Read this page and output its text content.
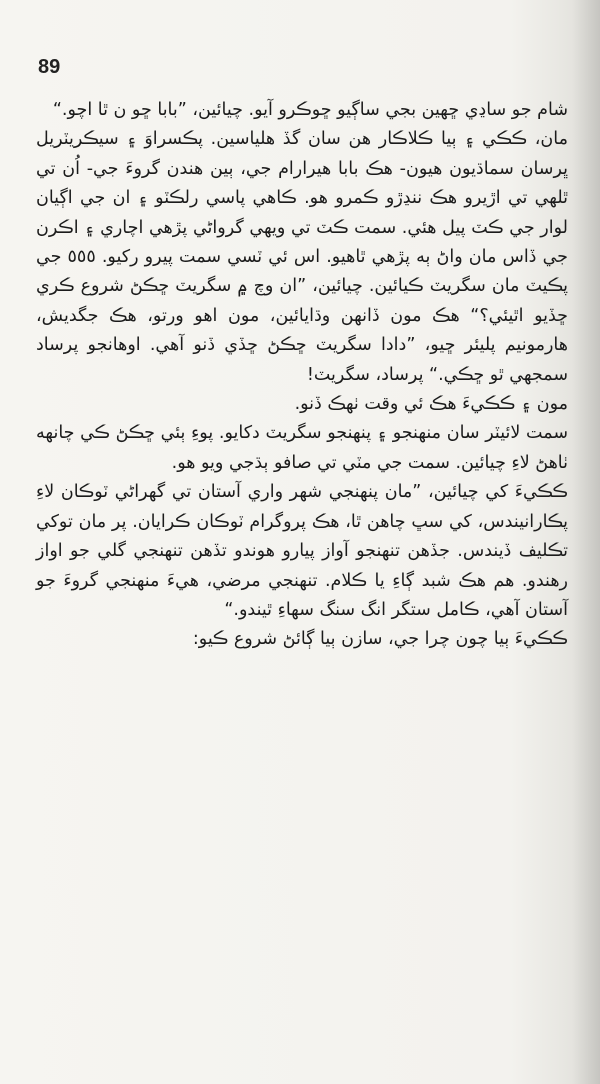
89

شام جو ساڍي ڇهين بجي ساڳيو ڇوڪرو آيو. چيائين، ”بابا ڇو ن ٿا اچو.“

مان، ڪڪي ۽ ٻيا ڪلاڪار هن سان گڏ هلياسين. پڪسراوَ ۽ سيڪريٽريل ڀرسان سماڌيون هيون- هڪ بابا هيرارام جي، ٻين هندن گروءَ جي- اُن تي ٿلهي تي اڙيرو هڪ ننڍڙو ڪمرو هو. ڪاهي پاسي رلڪٽو ۽ ان جي اڳيان لوار جي ڪٽ پيل هئي. سمت ڪٽ تي ويهي گرواڻي پڙهي اچاري ۽ اڪرن جي ڏاس مان واڻ ٻه پڙهي ٿاهيو. اس ئي ٽسي سمت پيرو رکيو. ٥٥٥ جي پڪيٽ مان سگريٽ ڪيائين. چيائين، ”ان وچ ۾ سگريٽ ڇڪڻ شروع ڪري ڇڏيو اٿيئي؟“ هڪ مون ڏانهن وڌايائين، مون اهو ورتو، هڪ جگديش، هارمونيم پليئر ڇيو، ”دادا سگريٽ ڇڪڻ ڇڏي ڏنو آهي. اوهانجو پرساد سمجهي ٿو ڇڪي.“ پرساد، سگريٽ!

مون ۽ ڪڪيءَ هڪ ئي وقت ٺهڪ ڏنو.

سمت لائيٽر سان منهنجو ۽ پنهنجو سگريٽ دکايو. پوءِ ٻئي ڇڪڻ ڪي چانهه ٺاهڻ لاءِ چيائين. سمت جي مٽي تي صافو ٻڌجي ويو هو.

ڪڪيءَ کي چيائين، ”مان پنهنجي شهر واري آستان تي گهراڻي ٽوڪان لاءِ پڪارانيندس، کي سڀ چاهن ٿا، هڪ پروگرام ٽوڪان ڪرايان. پر مان توکي تڪليف ڏيندس. جڏهن تنهنجو آواز پيارو هوندو تڏهن تنهنجي گلي جو اواز رهندو. هم هڪ شبد ڳاءِ يا ڪلام. تنهنجي مرضي، هيءَ منهنجي گروءَ جو آستان آهي، ڪامل ستگر انگ سنگ سهاءِ ٿيندو.“

ڪڪيءَ ٻيا چون چرا جي، سازن ٻيا ڳائڻ شروع ڪيو:
